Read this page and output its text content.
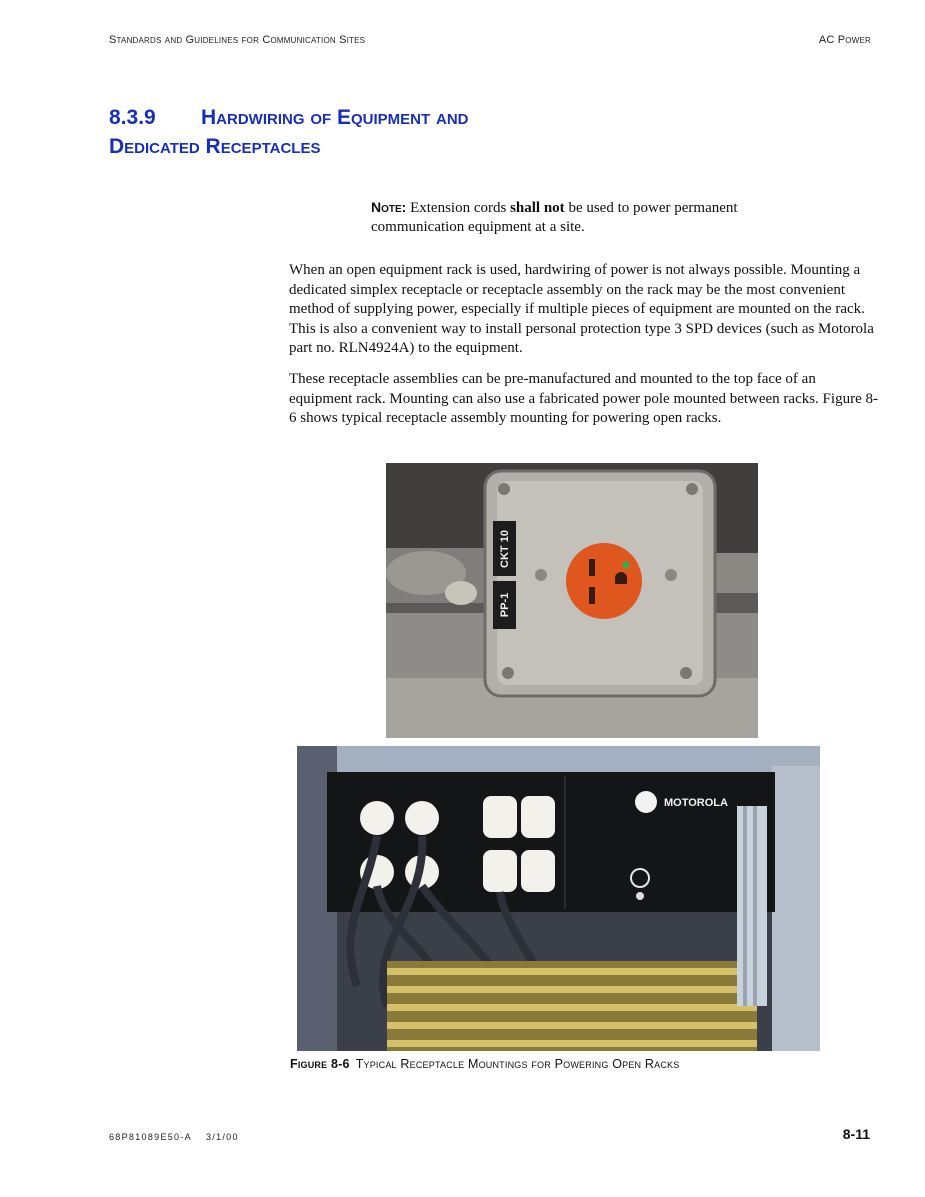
Standards and Guidelines for Communication Sites	AC Power
8.3.9 Hardwiring of Equipment and
Dedicated Receptacles
Note: Extension cords shall not be used to power permanent communication equipment at a site.

When an open equipment rack is used, hardwiring of power is not always possible. Mounting a dedicated simplex receptacle or receptacle assembly on the rack may be the most convenient method of supplying power, especially if multiple pieces of equipment are mounted on the rack. This is also a convenient way to install personal protection type 3 SPD devices (such as Motorola part no. RLN4924A) to the equipment.

These receptacle assemblies can be pre-manufactured and mounted to the top face of an equipment rack. Mounting can also use a fabricated power pole mounted between racks. Figure 8-6 shows typical receptacle assembly mounting for powering open racks.

CKT 10
PP-1
MOTOROLA
Figure 8-6 Typical Receptacle Mountings for Powering Open Racks
68P81089E50-A 3/1/00	8-11
